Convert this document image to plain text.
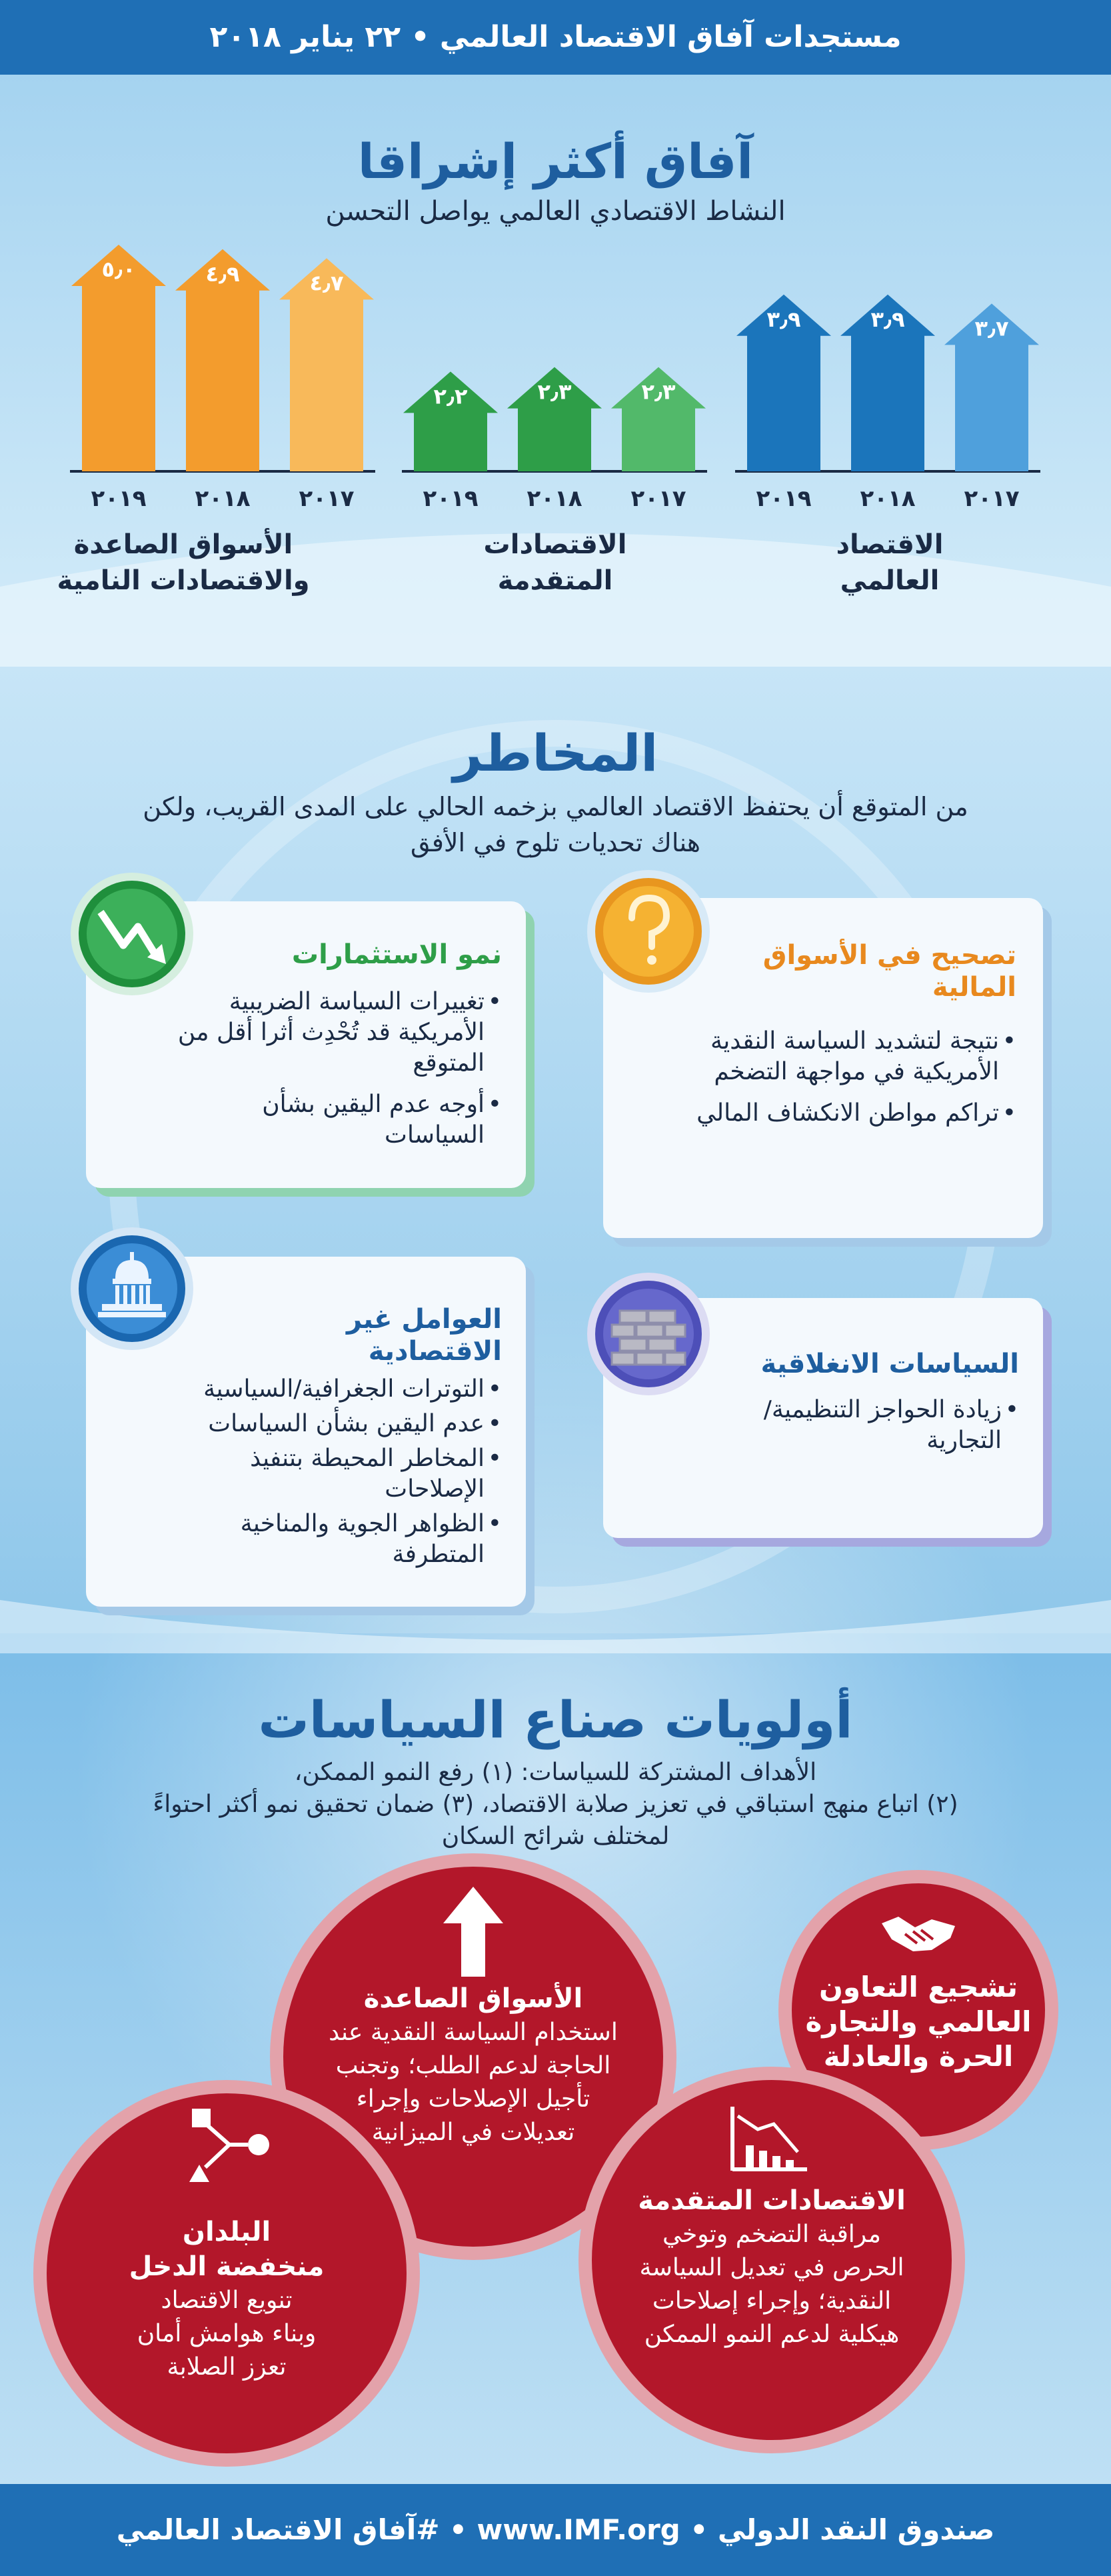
مستجدات آفاق الاقتصاد العالمي • ٢٢ يناير ٢٠١٨
آفاق أكثر إشراقا
النشاط الاقتصادي العالمي يواصل التحسن
٥٫٠
٢٠١٩
٤٫٩
٢٠١٨
٤٫٧
٢٠١٧
٢٫٢
٢٠١٩
٢٫٣
٢٠١٨
٢٫٣
٢٠١٧
٣٫٩
٢٠١٩
٣٫٩
٢٠١٨
٣٫٧
٢٠١٧
الأسواق الصاعدة
والاقتصادات النامية
الاقتصادات
المتقدمة
الاقتصاد
العالمي
المخاطر
من المتوقع أن يحتفظ الاقتصاد العالمي بزخمه الحالي على المدى القريب، ولكن
هناك تحديات تلوح في الأفق
تصحيح في الأسواق
المالية
• نتيجة لتشديد السياسة النقدية الأمريكية في مواجهة التضخم
• تراكم مواطن الانكشاف المالي
نمو الاستثمارات
• تغييرات السياسة الضريبية الأمريكية قد تُحْدِث أثرا أقل من المتوقع
• أوجه عدم اليقين بشأن السياسات
السياسات الانغلاقية
• زيادة الحواجز التنظيمية/ التجارية
العوامل غير
الاقتصادية
• التوترات الجغرافية/السياسية
• عدم اليقين بشأن السياسات
• المخاطر المحيطة بتنفيذ الإصلاحات
• الظواهر الجوية والمناخية المتطرفة
أولويات صناع السياسات
الأهداف المشتركة للسياسات: (١) رفع النمو الممكن،
(٢) اتباع منهج استباقي في تعزيز صلابة الاقتصاد، (٣) ضمان تحقيق نمو أكثر احتواءً
لمختلف شرائح السكان
تشجيع التعاون
العالمي والتجارة
الحرة والعادلة
الأسواق الصاعدة
استخدام السياسة النقدية عند
الحاجة لدعم الطلب؛ وتجنب
تأجيل الإصلاحات وإجراء
تعديلات في الميزانية
البلدان
منخفضة الدخل
تنويع الاقتصاد
وبناء هوامش أمان
تعزز الصلابة
الاقتصادات المتقدمة
مراقبة التضخم وتوخي
الحرص في تعديل السياسة
النقدية؛ وإجراء إصلاحات
هيكلية لدعم النمو الممكن
صندوق النقد الدولي • www.IMF.org • #آفاق الاقتصاد العالمي
